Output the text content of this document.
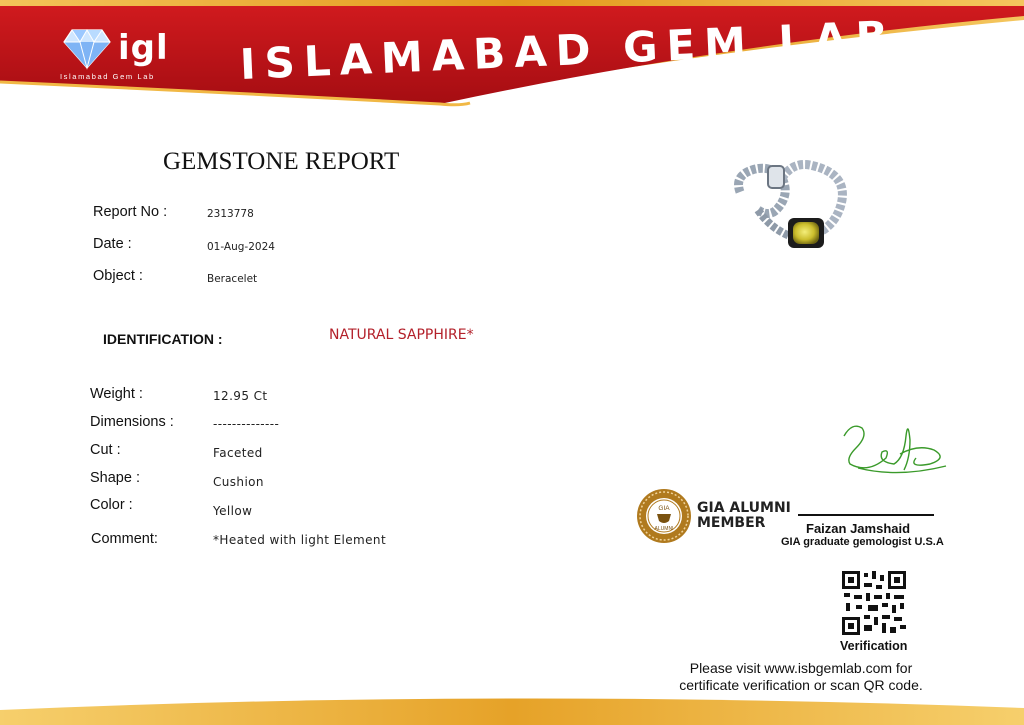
igl
Islamabad Gem Lab ISLAMABAD GEM LAB
GEMSTONE REPORT
Report No :	2313778
Date :	01-Aug-2024
Object :	Beracelet
IDENTIFICATION :	NATURAL SAPPHIRE*
Weight :	12.95 Ct
Dimensions :	--------------
Cut :	Faceted
Shape :	Cushion
Color :	Yellow
Comment:	*Heated with light Element
Faizan Jamshaid
GIA graduate gemologist U.S.A
GIA
ALUMNI
GIA ALUMNI
MEMBER
Verification
Please visit www.isbgemlab.com for
certificate verification or scan QR code.
